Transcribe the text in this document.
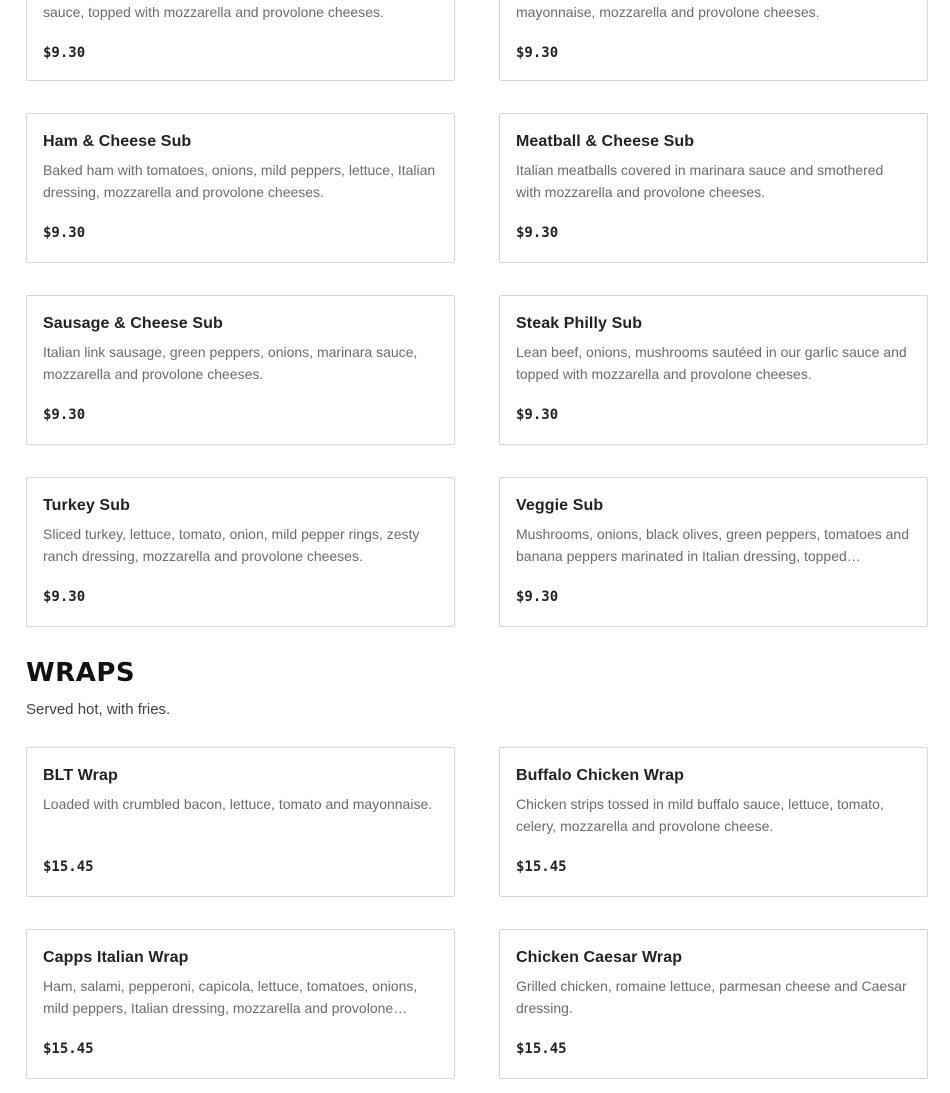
sauce, topped with mozzarella and provolone cheeses.

$9.30

mayonnaise, mozzarella and provolone cheeses.

$9.30
Ham & Cheese Sub

Baked ham with tomatoes, onions, mild peppers, lettuce, Italian dressing, mozzarella and provolone cheeses.

$9.30
Meatball & Cheese Sub

Italian meatballs covered in marinara sauce and smothered with mozzarella and provolone cheeses.

$9.30
Sausage & Cheese Sub

Italian link sausage, green peppers, onions, marinara sauce, mozzarella and provolone cheeses.

$9.30
Steak Philly Sub

Lean beef, onions, mushrooms sautéed in our garlic sauce and topped with mozzarella and provolone cheeses.

$9.30
Turkey Sub

Sliced turkey, lettuce, tomato, onion, mild pepper rings, zesty ranch dressing, mozzarella and provolone cheeses.

$9.30
Veggie Sub

Mushrooms, onions, black olives, green peppers, tomatoes and banana peppers marinated in Italian dressing, topped…

$9.30
WRAPS

Served hot, with fries.

BLT Wrap

Loaded with crumbled bacon, lettuce, tomato and mayonnaise.

$15.45
Buffalo Chicken Wrap

Chicken strips tossed in mild buffalo sauce, lettuce, tomato, celery, mozzarella and provolone cheese.

$15.45
Capps Italian Wrap

Ham, salami, pepperoni, capicola, lettuce, tomatoes, onions, mild peppers, Italian dressing, mozzarella and provolone…

$15.45
Chicken Caesar Wrap

Grilled chicken, romaine lettuce, parmesan cheese and Caesar dressing.

$15.45
